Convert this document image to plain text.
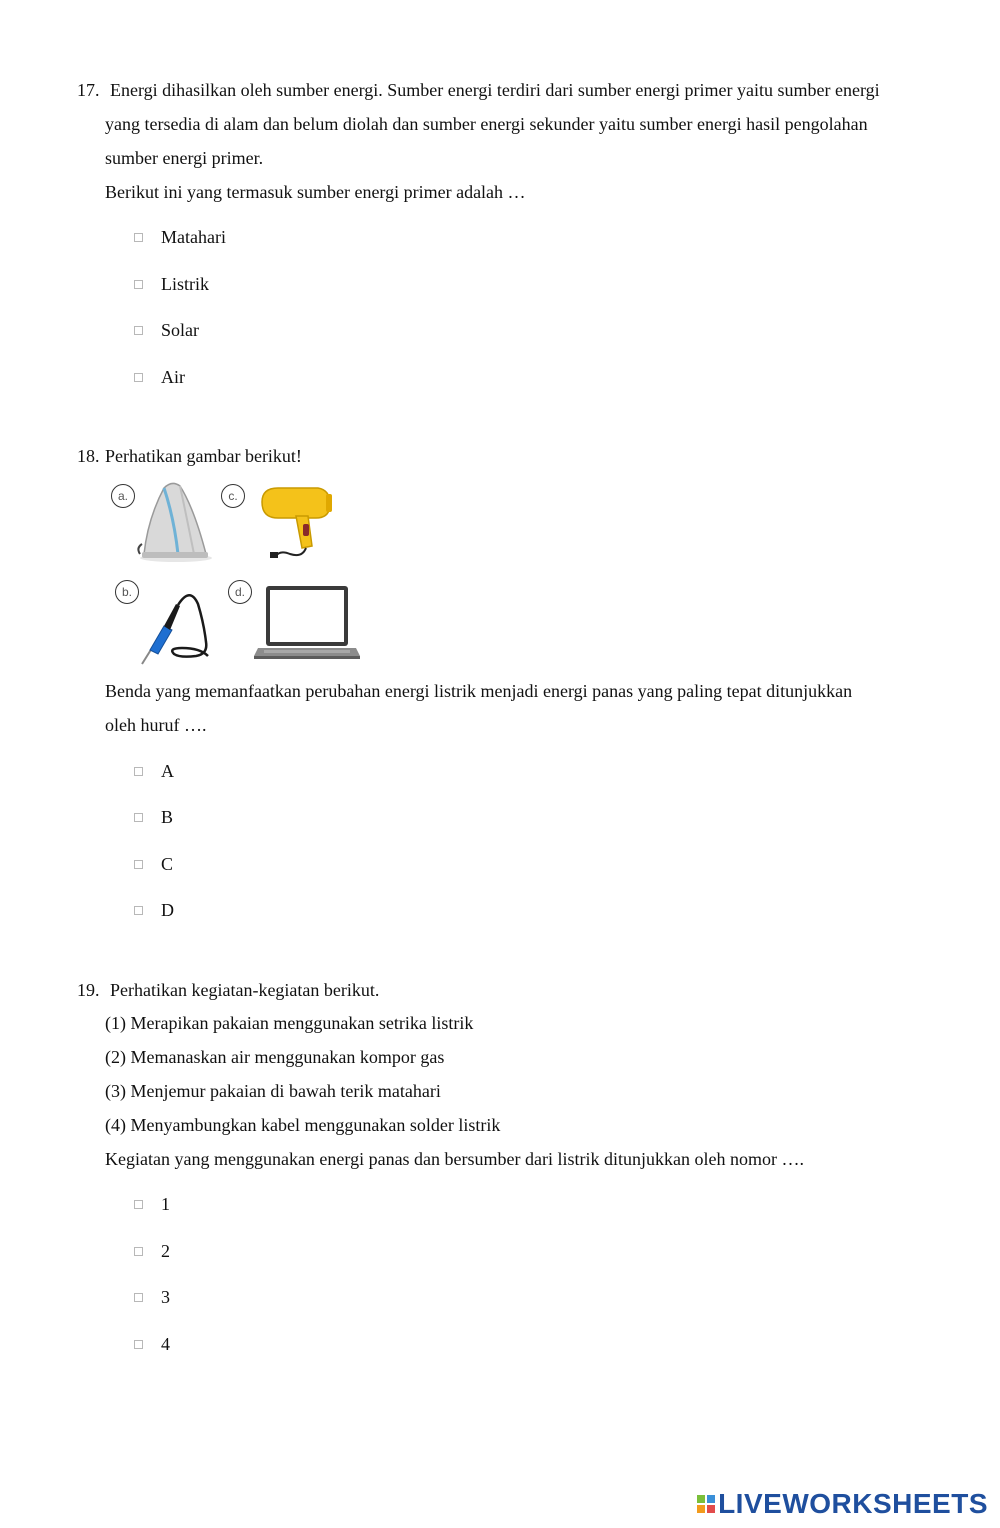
17. Energi dihasilkan oleh sumber energi. Sumber energi terdiri dari sumber energi primer yaitu sumber energi
yang tersedia di alam dan belum diolah dan sumber energi sekunder yaitu sumber energi hasil pengolahan
sumber energi primer.
Berikut ini yang termasuk sumber energi primer adalah …
Matahari
Listrik
Solar
Air
18. Perhatikan gambar berikut!
a.	c.
b.	d.
Benda yang memanfaatkan perubahan energi listrik menjadi energi panas yang paling tepat ditunjukkan
oleh huruf ….
A
B
C
D
19. Perhatikan kegiatan-kegiatan berikut.
(1) Merapikan pakaian menggunakan setrika listrik
(2) Memanaskan air menggunakan kompor gas
(3) Menjemur pakaian di bawah terik matahari
(4) Menyambungkan kabel menggunakan solder listrik
Kegiatan yang menggunakan energi panas dan bersumber dari listrik ditunjukkan oleh nomor ….
1
2
3
4
LIVEWORKSHEETS
